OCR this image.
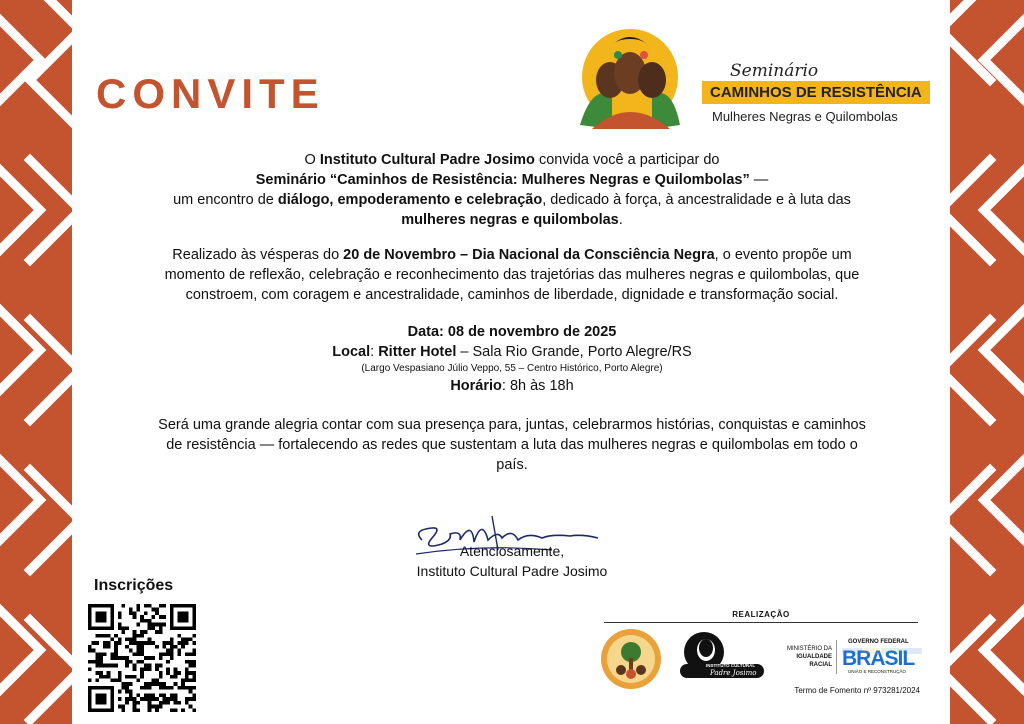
CONVITE	Seminário
CAMINHOS DE RESISTÊNCIA
Mulheres Negras e Quilombolas
O Instituto Cultural Padre Josimo convida você a participar do
Seminário “Caminhos de Resistência: Mulheres Negras e Quilombolas” —
um encontro de diálogo, empoderamento e celebração, dedicado à força, à ancestralidade e à luta das
mulheres negras e quilombolas.
Realizado às vésperas do 20 de Novembro – Dia Nacional da Consciência Negra, o evento propõe um
momento de reflexão, celebração e reconhecimento das trajetórias das mulheres negras e quilombolas, que
constroem, com coragem e ancestralidade, caminhos de liberdade, dignidade e transformação social.
Data: 08 de novembro de 2025
Local: Ritter Hotel – Sala Rio Grande, Porto Alegre/RS
(Largo Vespasiano Júlio Veppo, 55 – Centro Histórico, Porto Alegre)
Horário: 8h às 18h
Será uma grande alegria contar com sua presença para, juntas, celebrarmos histórias, conquistas e caminhos
de resistência — fortalecendo as redes que sustentam a luta das mulheres negras e quilombolas em todo o
país.
Atenciosamente,
Instituto Cultural Padre Josimo
Inscrições
REALIZAÇÃO
INSTITUTO CULTURAL
Padre Josimo
MINISTÉRIO DA
IGUALDADE
RACIAL
GOVERNO FEDERAL
BRASIL
UNIÃO E RECONSTRUÇÃO
Termo de Fomento nº 973281/2024
